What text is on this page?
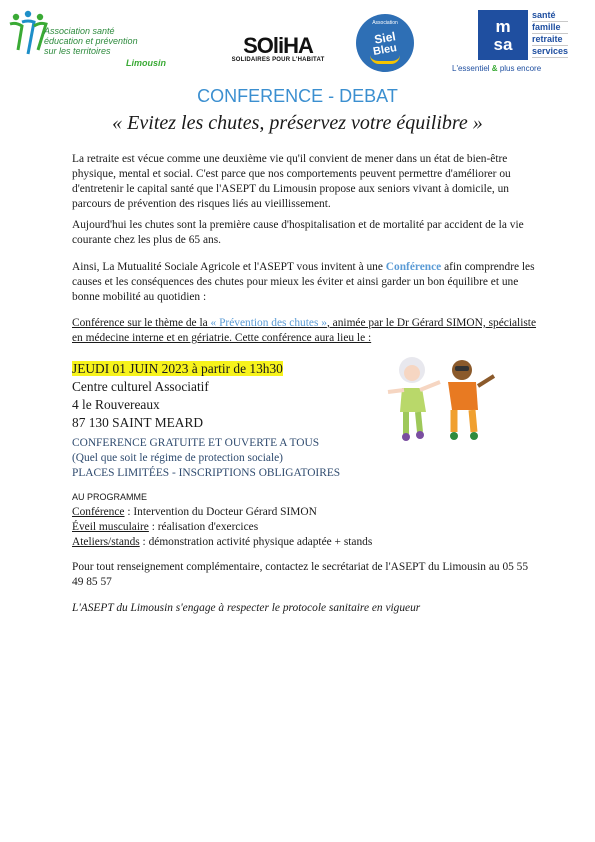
Association santé
éducation et prévention
sur les territoires
Limousin
SOliHA
SOLIDAIRES POUR L'HABITAT
Association
Siel
Bleu
m
sa
santé
famille
retraite
services
L'essentiel & plus encore
CONFERENCE - DEBAT
« Evitez les chutes, préservez votre équilibre »
La retraite est vécue comme une deuxième vie qu'il convient de mener dans un état de bien-être physique, mental et social. C'est parce que nos comportements peuvent permettre d'améliorer ou d'entretenir le capital santé que l'ASEPT du Limousin propose aux seniors vivant à domicile, un parcours de prévention des risques liés au vieillissement.
Aujourd'hui les chutes sont la première cause d'hospitalisation et de mortalité par accident de la vie courante chez les plus de 65 ans.
Ainsi, La Mutualité Sociale Agricole et l'ASEPT vous invitent à une Conférence afin comprendre les causes et les conséquences des chutes pour mieux les éviter et ainsi garder un bon équilibre et une bonne mobilité au quotidien :
Conférence sur le thème de la « Prévention des chutes », animée par le Dr Gérard SIMON, spécialiste en médecine interne et en gériatrie. Cette conférence aura lieu le :
JEUDI 01 JUIN 2023 à partir de 13h30
Centre culturel Associatif
4 le Rouvereaux
87 130 SAINT MEARD
CONFERENCE GRATUITE ET OUVERTE A TOUS
(Quel que soit le régime de protection sociale)
PLACES LIMITÉES - INSCRIPTIONS OBLIGATOIRES
AU PROGRAMME
Conférence : Intervention du Docteur Gérard SIMON
Éveil musculaire : réalisation d'exercices
Ateliers/stands : démonstration activité physique adaptée + stands
Pour tout renseignement complémentaire, contactez le secrétariat de l'ASEPT du Limousin au 05 55 49 85 57
L'ASEPT du Limousin s'engage à respecter le protocole sanitaire en vigueur
